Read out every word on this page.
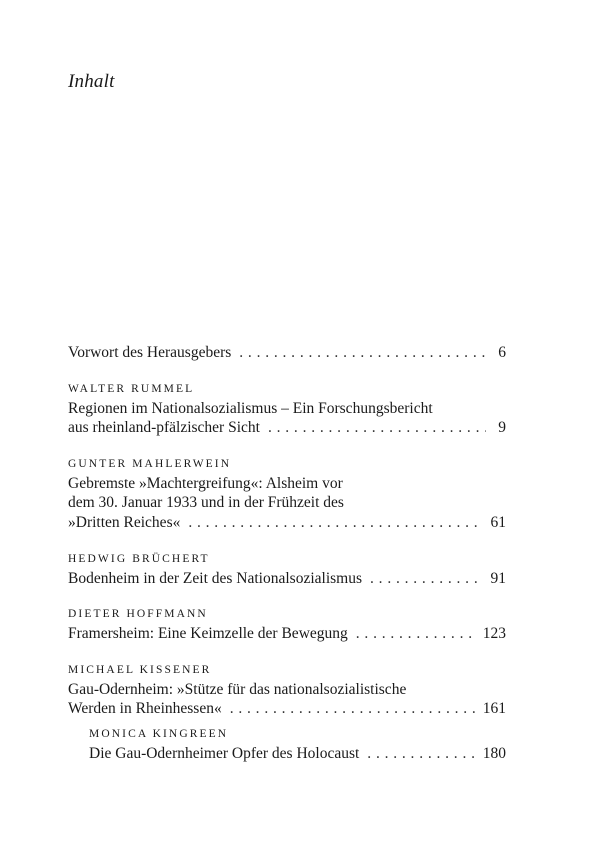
Inhalt
Vorwort des Herausgebers . . .	6
WALTER RUMMEL
Regionen im Nationalsozialismus – Ein Forschungsbericht
aus rheinland-pfälzischer Sicht . . .	9
GUNTER MAHLERWEIN
Gebremste »Machtergreifung«: Alsheim vor
dem 30. Januar 1933 und in der Frühzeit des
»Dritten Reiches« . . .	61
HEDWIG BRÜCHERT
Bodenheim in der Zeit des Nationalsozialismus . . .	91
DIETER HOFFMANN
Framersheim: Eine Keimzelle der Bewegung . . .	123
MICHAEL KISSENER
Gau-Odernheim: »Stütze für das nationalsozialistische
Werden in Rheinhessen« . . .	161
MONICA KINGREEN
Die Gau-Odernheimer Opfer des Holocaust . . .	180
